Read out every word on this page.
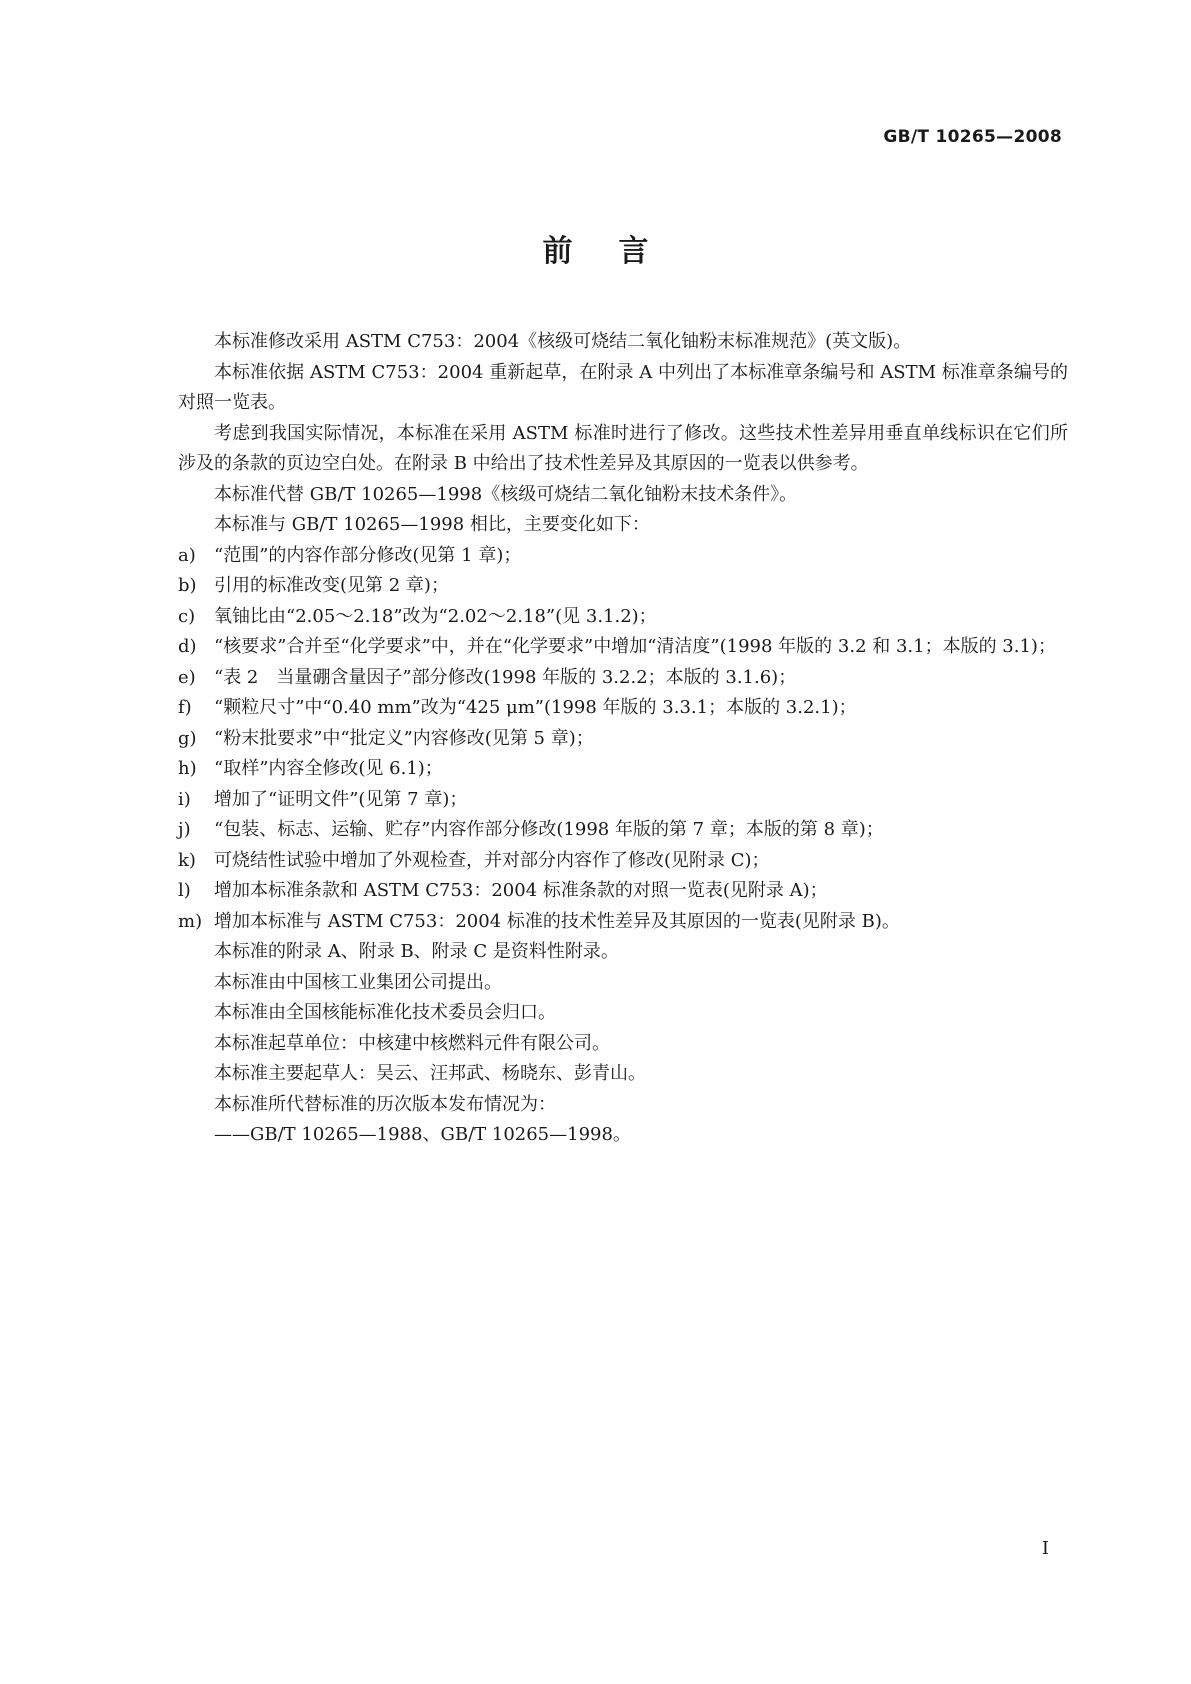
GB/T 10265—2008
前言

本标准修改采用 ASTM C753：2004《核级可烧结二氧化铀粉末标准规范》(英文版)。

本标准依据 ASTM C753：2004 重新起草，在附录 A 中列出了本标准章条编号和 ASTM 标准章条编号的对照一览表。

考虑到我国实际情况，本标准在采用 ASTM 标准时进行了修改。这些技术性差异用垂直单线标识在它们所涉及的条款的页边空白处。在附录 B 中给出了技术性差异及其原因的一览表以供参考。

本标准代替 GB/T 10265—1998《核级可烧结二氧化铀粉末技术条件》。

本标准与 GB/T 10265—1998 相比，主要变化如下：

a) “范围”的内容作部分修改(见第 1 章)；

b) 引用的标准改变(见第 2 章)；

c) 氧铀比由“2.05～2.18”改为“2.02～2.18”(见 3.1.2)；

d) “核要求”合并至“化学要求”中，并在“化学要求”中增加“清洁度”(1998 年版的 3.2 和 3.1；本版的 3.1)；

e) “表 2　当量硼含量因子”部分修改(1998 年版的 3.2.2；本版的 3.1.6)；

f) “颗粒尺寸”中“0.40 mm”改为“425 μm”(1998 年版的 3.3.1；本版的 3.2.1)；

g) “粉末批要求”中“批定义”内容修改(见第 5 章)；

h) “取样”内容全修改(见 6.1)；

i) 增加了“证明文件”(见第 7 章)；

j) “包装、标志、运输、贮存”内容作部分修改(1998 年版的第 7 章；本版的第 8 章)；

k) 可烧结性试验中增加了外观检查，并对部分内容作了修改(见附录 C)；

l) 增加本标准条款和 ASTM C753：2004 标准条款的对照一览表(见附录 A)；

m) 增加本标准与 ASTM C753：2004 标准的技术性差异及其原因的一览表(见附录 B)。

本标准的附录 A、附录 B、附录 C 是资料性附录。

本标准由中国核工业集团公司提出。

本标准由全国核能标准化技术委员会归口。

本标准起草单位：中核建中核燃料元件有限公司。

本标准主要起草人：吴云、汪邦武、杨晓东、彭青山。

本标准所代替标准的历次版本发布情况为：

——GB/T 10265—1988、GB/T 10265—1998。

I
